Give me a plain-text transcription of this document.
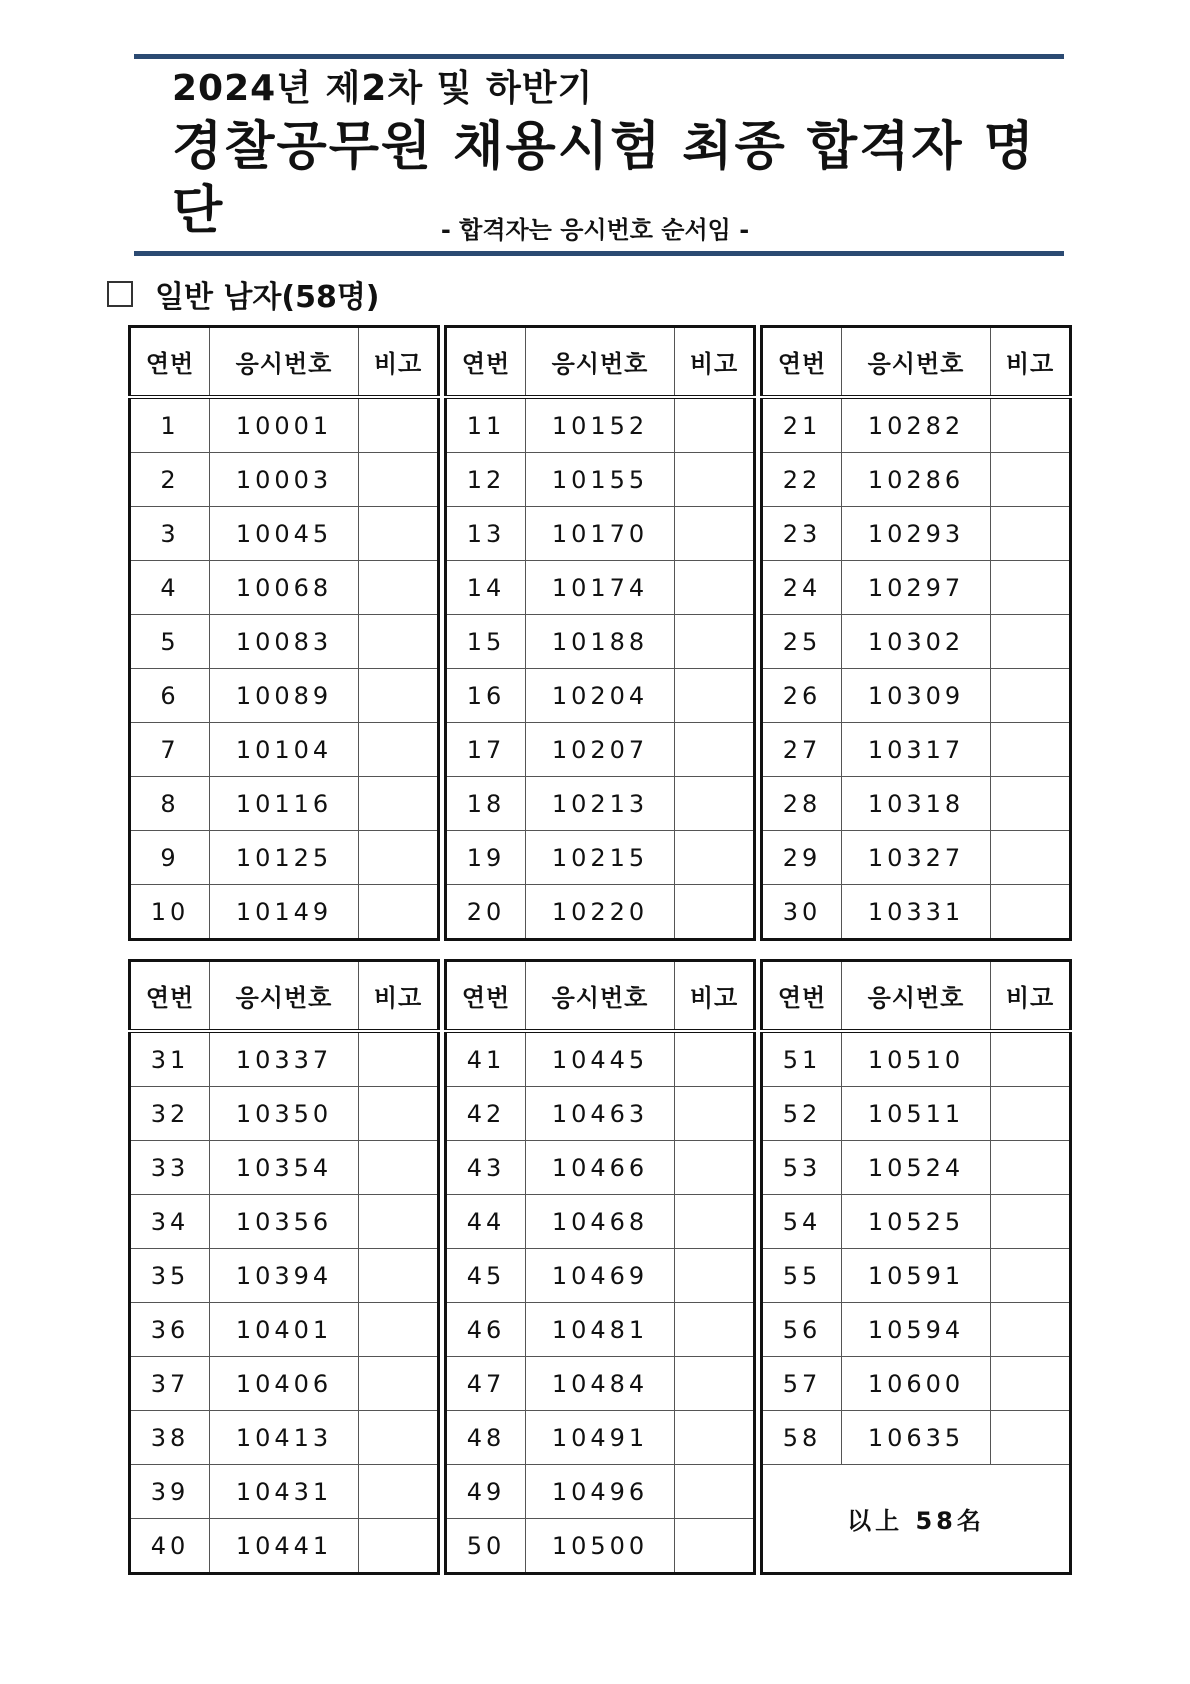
2024년 제2차 및 하반기
경찰공무원 채용시험 최종 합격자 명단	- 합격자는 응시번호 순서임 -
일반 남자(58명)
연번	응시번호	비고
1	10001	
2	10003	
3	10045	
4	10068	
5	10083	
6	10089	
7	10104	
8	10116	
9	10125	
10	10149	
연번	응시번호	비고
11	10152	
12	10155	
13	10170	
14	10174	
15	10188	
16	10204	
17	10207	
18	10213	
19	10215	
20	10220	
연번	응시번호	비고
21	10282	
22	10286	
23	10293	
24	10297	
25	10302	
26	10309	
27	10317	
28	10318	
29	10327	
30	10331	
연번	응시번호	비고
31	10337	
32	10350	
33	10354	
34	10356	
35	10394	
36	10401	
37	10406	
38	10413	
39	10431	
40	10441	
연번	응시번호	비고
41	10445	
42	10463	
43	10466	
44	10468	
45	10469	
46	10481	
47	10484	
48	10491	
49	10496	
50	10500	
연번	응시번호	비고
51	10510	
52	10511	
53	10524	
54	10525	
55	10591	
56	10594	
57	10600	
58	10635	
以上 58名		
